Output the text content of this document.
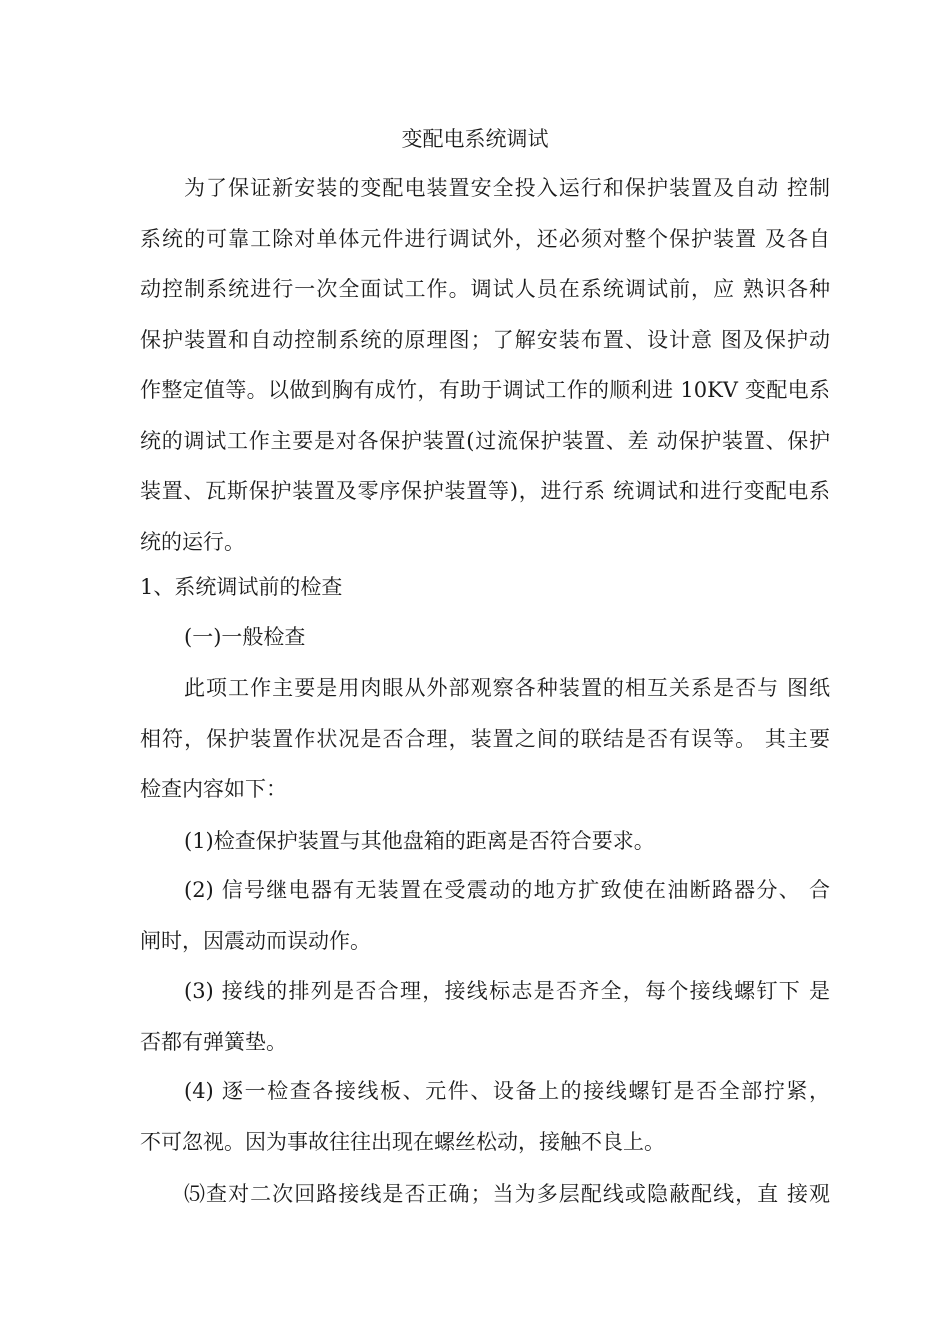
变配电系统调试
为了保证新安装的变配电装置安全投入运行和保护装置及自动 控制
系统的可靠工除对单体元件进行调试外，还必须对整个保护装置 及各自
动控制系统进行一次全面试工作。调试人员在系统调试前，应 熟识各种
保护装置和自动控制系统的原理图；了解安装布置、设计意 图及保护动
作整定值等。以做到胸有成竹，有助于调试工作的顺利进 10KV 变配电系
统的调试工作主要是对各保护装置(过流保护装置、差 动保护装置、保护
装置、瓦斯保护装置及零序保护装置等)，进行系 统调试和进行变配电系
统的运行。
1、系统调试前的检查
(一)一般检查
此项工作主要是用肉眼从外部观察各种装置的相互关系是否与 图纸
相符，保护装置作状况是否合理，装置之间的联结是否有误等。 其主要
检查内容如下：
(1)检查保护装置与其他盘箱的距离是否符合要求。
(2) 信号继电器有无装置在受震动的地方扩致使在油断路器分、 合
闸时，因震动而误动作。
(3) 接线的排列是否合理，接线标志是否齐全，每个接线螺钉下 是
否都有弹簧垫。
(4) 逐一检查各接线板、元件、设备上的接线螺钉是否全部拧紧，
不可忽视。因为事故往往出现在螺丝松动，接触不良上。
⑸查对二次回路接线是否正确；当为多层配线或隐蔽配线，直 接观
